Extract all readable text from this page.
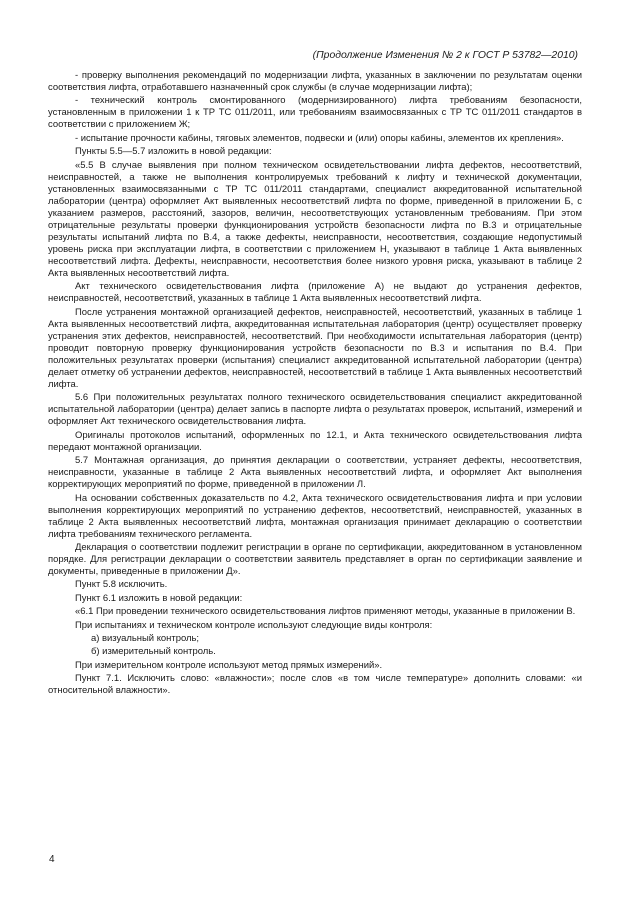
(Продолжение Изменения № 2 к ГОСТ Р 53782—2010)

- проверку выполнения рекомендаций по модернизации лифта, указанных в заключении по результатам оценки соответствия лифта, отработавшего назначенный срок службы (в случае модернизации лифта);

- технический контроль смонтированного (модернизированного) лифта требованиям безопасности, установленным в приложении 1 к ТР ТС 011/2011, или требованиям взаимосвязанных с ТР ТС 011/2011 стандартов в соответствии с приложением Ж;

- испытание прочности кабины, тяговых элементов, подвески и (или) опоры кабины, элементов их крепления».

Пункты 5.5—5.7 изложить в новой редакции:

«5.5 В случае выявления при полном техническом освидетельствовании лифта дефектов, несоответствий, неисправностей, а также не выполнения контролируемых требований к лифту и технической документации, установленных взаимосвязанными с ТР ТС 011/2011 стандартами, специалист аккредитованной испытательной лаборатории (центра) оформляет Акт выявленных несоответствий лифта по форме, приведенной в приложении Б, с указанием размеров, расстояний, зазоров, величин, несоответствующих установленным требованиям. При этом отрицательные результаты проверки функционирования устройств безопасности лифта по В.3 и отрицательные результаты испытаний лифта по В.4, а также дефекты, неисправности, несоответствия, создающие недопустимый уровень риска при эксплуатации лифта, в соответствии с приложением Н, указывают в таблице 1 Акта выявленных несоответствий лифта. Дефекты, неисправности, несоответствия более низкого уровня риска, указывают в таблице 2 Акта выявленных несоответствий лифта.

Акт технического освидетельствования лифта (приложение А) не выдают до устранения дефектов, неисправностей, несоответствий, указанных в таблице 1 Акта выявленных несоответствий лифта.

После устранения монтажной организацией дефектов, неисправностей, несоответствий, указанных в таблице 1 Акта выявленных несоответствий лифта, аккредитованная испытательная лаборатория (центр) осуществляет проверку устранения этих дефектов, неисправностей, несоответствий. При необходимости испытательная лаборатория (центр) проводит повторную проверку функционирования устройств безопасности по В.3 и испытания по В.4. При положительных результатах проверки (испытания) специалист аккредитованной испытательной лаборатории (центра) делает отметку об устранении дефектов, неисправностей, несоответствий в таблице 1 Акта выявленных несоответствий лифта.

5.6 При положительных результатах полного технического освидетельствования специалист аккредитованной испытательной лаборатории (центра) делает запись в паспорте лифта о результатах проверок, испытаний, измерений и оформляет Акт технического освидетельствования лифта.

Оригиналы протоколов испытаний, оформленных по 12.1, и Акта технического освидетельствования лифта передают монтажной организации.

5.7 Монтажная организация, до принятия декларации о соответствии, устраняет дефекты, несоответствия, неисправности, указанные в таблице 2 Акта выявленных несоответствий лифта, и оформляет Акт выполнения корректирующих мероприятий по форме, приведенной в приложении Л.

На основании собственных доказательств по 4.2, Акта технического освидетельствования лифта и при условии выполнения корректирующих мероприятий по устранению дефектов, несоответствий, неисправностей, указанных в таблице 2 Акта выявленных несоответствий лифта, монтажная организация принимает декларацию о соответствии лифта требованиям технического регламента.

Декларация о соответствии подлежит регистрации в органе по сертификации, аккредитованном в установленном порядке. Для регистрации декларации о соответствии заявитель представляет в орган по сертификации заявление и документы, приведенные в приложении Д».

Пункт 5.8 исключить.

Пункт 6.1 изложить в новой редакции:

«6.1 При проведении технического освидетельствования лифтов применяют методы, указанные в приложении В.

При испытаниях и техническом контроле используют следующие виды контроля:

а) визуальный контроль;

б) измерительный контроль.

При измерительном контроле используют метод прямых измерений».

Пункт 7.1. Исключить слово: «влажности»; после слов «в том числе температуре» дополнить словами: «и относительной влажности».

4
